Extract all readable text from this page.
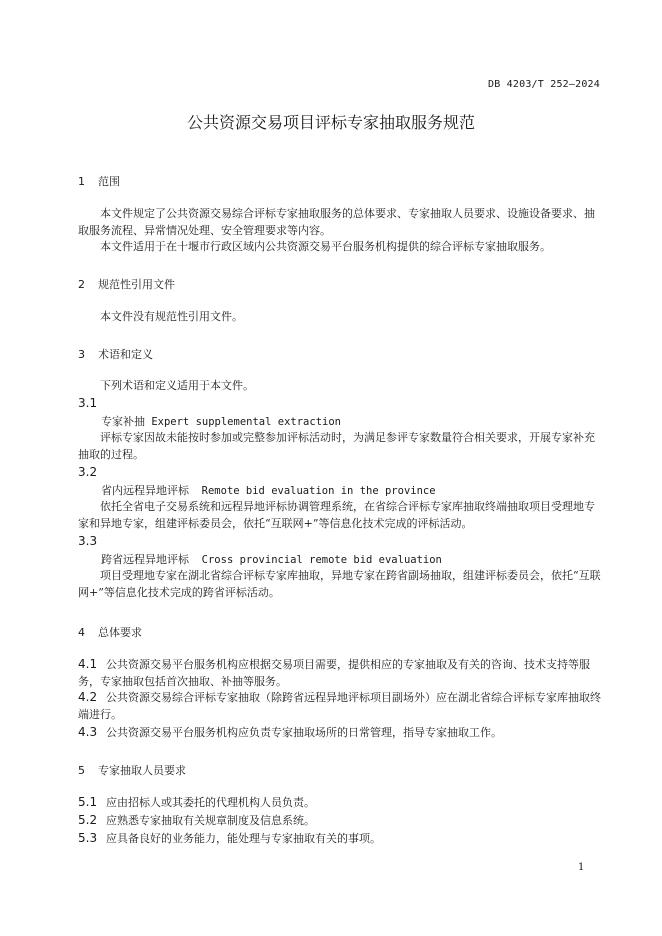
DB 4203/T 252—2024
公共资源交易项目评标专家抽取服务规范
1 范围
本文件规定了公共资源交易综合评标专家抽取服务的总体要求、专家抽取人员要求、设施设备要求、抽取服务流程、异常情况处理、安全管理要求等内容。
本文件适用于在十堰市行政区域内公共资源交易平台服务机构提供的综合评标专家抽取服务。
2 规范性引用文件
本文件没有规范性引用文件。
3 术语和定义
下列术语和定义适用于本文件。
3.1
专家补抽 Expert supplemental extraction
评标专家因故未能按时参加或完整参加评标活动时，为满足参评专家数量符合相关要求，开展专家补充抽取的过程。
3.2
省内远程异地评标 Remote bid evaluation in the province
依托全省电子交易系统和远程异地评标协调管理系统，在省综合评标专家库抽取终端抽取项目受理地专家和异地专家，组建评标委员会，依托“互联网+”等信息化技术完成的评标活动。
3.3
跨省远程异地评标 Cross provincial remote bid evaluation
项目受理地专家在湖北省综合评标专家库抽取，异地专家在跨省副场抽取，组建评标委员会，依托“互联网+”等信息化技术完成的跨省评标活动。
4 总体要求
4.1 公共资源交易平台服务机构应根据交易项目需要，提供相应的专家抽取及有关的咨询、技术支持等服务，专家抽取包括首次抽取、补抽等服务。
4.2 公共资源交易综合评标专家抽取（除跨省远程异地评标项目副场外）应在湖北省综合评标专家库抽取终端进行。
4.3 公共资源交易平台服务机构应负责专家抽取场所的日常管理，指导专家抽取工作。
5 专家抽取人员要求
5.1 应由招标人或其委托的代理机构人员负责。
5.2 应熟悉专家抽取有关规章制度及信息系统。
5.3 应具备良好的业务能力，能处理与专家抽取有关的事项。
1
